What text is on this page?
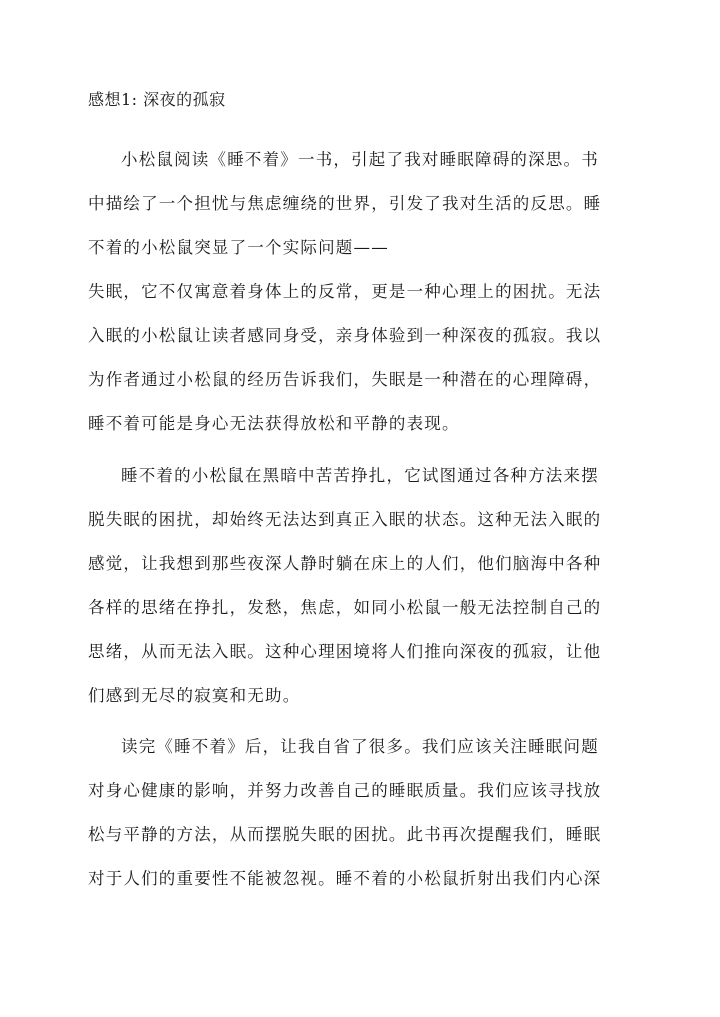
感想1: 深夜的孤寂
小松鼠阅读《睡不着》一书，引起了我对睡眠障碍的深思。书
中描绘了一个担忧与焦虑缠绕的世界，引发了我对生活的反思。睡
不着的小松鼠突显了一个实际问题——
失眠，它不仅寓意着身体上的反常，更是一种心理上的困扰。无法
入眠的小松鼠让读者感同身受，亲身体验到一种深夜的孤寂。我以
为作者通过小松鼠的经历告诉我们，失眠是一种潜在的心理障碍，
睡不着可能是身心无法获得放松和平静的表现。
睡不着的小松鼠在黑暗中苦苦挣扎，它试图通过各种方法来摆
脱失眠的困扰，却始终无法达到真正入眠的状态。这种无法入眠的
感觉，让我想到那些夜深人静时躺在床上的人们，他们脑海中各种
各样的思绪在挣扎，发愁，焦虑，如同小松鼠一般无法控制自己的
思绪，从而无法入眠。这种心理困境将人们推向深夜的孤寂，让他
们感到无尽的寂寞和无助。
读完《睡不着》后，让我自省了很多。我们应该关注睡眠问题
对身心健康的影响，并努力改善自己的睡眠质量。我们应该寻找放
松与平静的方法，从而摆脱失眠的困扰。此书再次提醒我们，睡眠
对于人们的重要性不能被忽视。睡不着的小松鼠折射出我们内心深
